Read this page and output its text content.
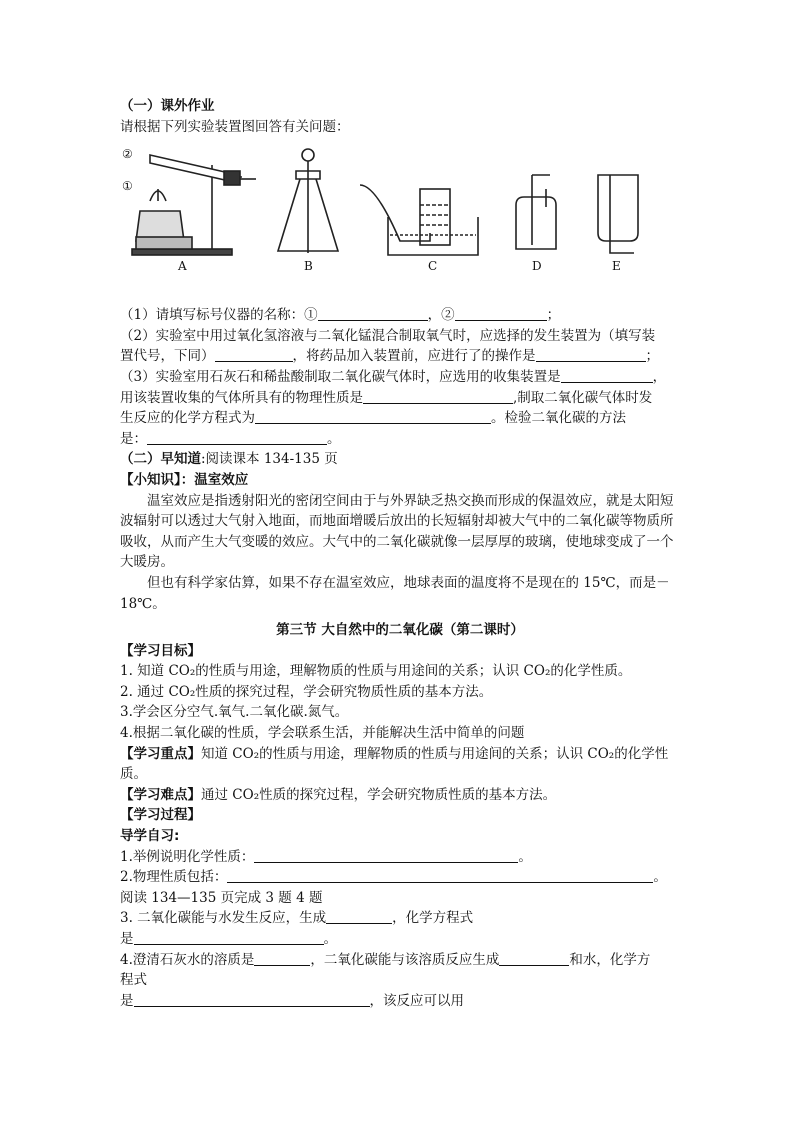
（一）课外作业
请根据下列实验装置图回答有关问题：
②
①
A	B	C	D	E
（1）请填写标号仪器的名称：①	，②	；
（2）实验室中用过氧化氢溶液与二氧化锰混合制取氧气时，应选择的发生装置为（填写装
置代号，下同）	，将药品加入装置前，应进行了的操作是	；
（3）实验室用石灰石和稀盐酸制取二氧化碳气体时，应选用的收集装置是	，
用该装置收集的气体所具有的物理性质是	,制取二氧化碳气体时发
生反应的化学方程式为	。检验二氧化碳的方法
是：	。
（二）早知道:阅读课本 134-135 页
【小知识】：温室效应
温室效应是指透射阳光的密闭空间由于与外界缺乏热交换而形成的保温效应，就是太阳短波辐射可以透过大气射入地面，而地面增暖后放出的长短辐射却被大气中的二氧化碳等物质所吸收，从而产生大气变暖的效应。大气中的二氧化碳就像一层厚厚的玻璃，使地球变成了一个大暖房。
但也有科学家估算，如果不存在温室效应，地球表面的温度将不是现在的 15℃，而是－18℃。
第三节 大自然中的二氧化碳（第二课时）
【学习目标】
1. 知道 CO₂的性质与用途，理解物质的性质与用途间的关系；认识 CO₂的化学性质。
2. 通过 CO₂性质的探究过程，学会研究物质性质的基本方法。
3.学会区分空气.氧气.二氧化碳.氮气。
4.根据二氧化碳的性质，学会联系生活，并能解决生活中简单的问题
【学习重点】知道 CO₂的性质与用途，理解物质的性质与用途间的关系；认识 CO₂的化学性质。
【学习难点】通过 CO₂性质的探究过程，学会研究物质性质的基本方法。
【学习过程】
导学自习:
1.举例说明化学性质：	。
2.物理性质包括：	。
阅读 134—135 页完成 3 题 4 题
3. 二氧化碳能与水发生反应，生成	，化学方程式
是	。
4.澄清石灰水的溶质是	，二氧化碳能与该溶质反应生成	和水，化学方
程式
是	，该反应可以用
